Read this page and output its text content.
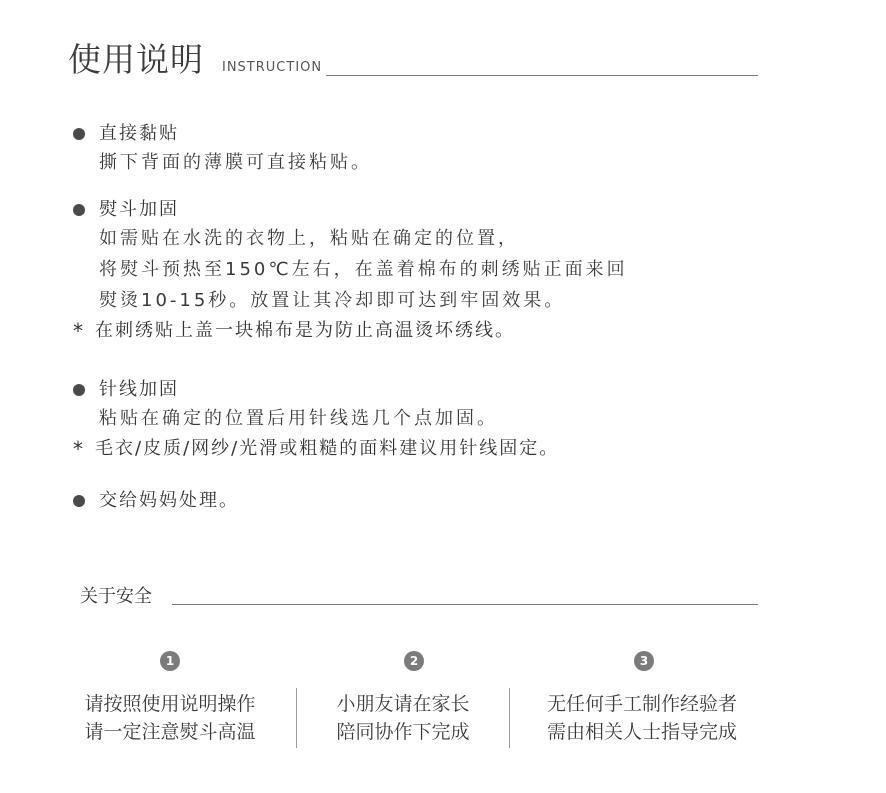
使用说明 INSTRUCTION
直接黏贴
撕下背面的薄膜可直接粘贴。
熨斗加固
如需贴在水洗的衣物上，粘贴在确定的位置，
将熨斗预热至150℃左右，在盖着棉布的刺绣贴正面来回
熨烫10-15秒。放置让其冷却即可达到牢固效果。
* 在刺绣贴上盖一块棉布是为防止高温烫坏绣线。
针线加固
粘贴在确定的位置后用针线选几个点加固。
* 毛衣/皮质/网纱/光滑或粗糙的面料建议用针线固定。
交给妈妈处理。
关于安全
1	2	3
请按照使用说明操作
请一定注意熨斗高温
小朋友请在家长
陪同协作下完成
无任何手工制作经验者
需由相关人士指导完成
